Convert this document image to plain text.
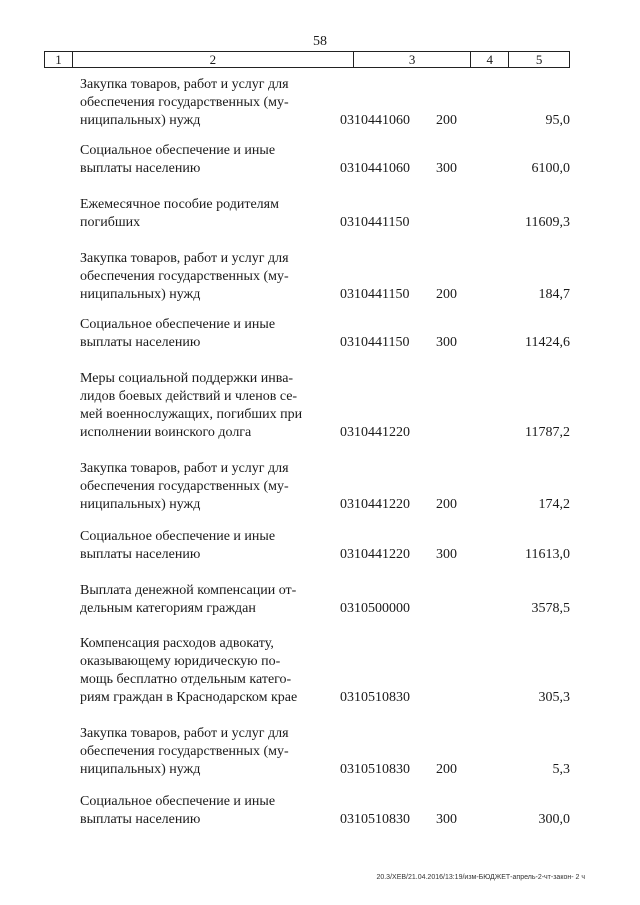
58
1	2	3	4	5
Закупка товаров, работ и услуг для
обеспечения государственных (му-
ниципальных) нужд	0310441060	200	95,0
Социальное обеспечение и иные
выплаты населению	0310441060	300	6100,0
Ежемесячное пособие родителям
погибших	0310441150	11609,3
Закупка товаров, работ и услуг для
обеспечения государственных (му-
ниципальных) нужд	0310441150	200	184,7
Социальное обеспечение и иные
выплаты населению	0310441150	300	11424,6
Меры социальной поддержки инва-
лидов боевых действий и членов се-
мей военнослужащих, погибших при
исполнении воинского долга	0310441220	11787,2
Закупка товаров, работ и услуг для
обеспечения государственных (му-
ниципальных) нужд	0310441220	200	174,2
Социальное обеспечение и иные
выплаты населению	0310441220	300	11613,0
Выплата денежной компенсации от-
дельным категориям граждан	0310500000	3578,5
Компенсация расходов адвокату,
оказывающему юридическую по-
мощь бесплатно отдельным катего-
риям граждан в Краснодарском крае	0310510830	305,3
Закупка товаров, работ и услуг для
обеспечения государственных (му-
ниципальных) нужд	0310510830	200	5,3
Социальное обеспечение и иные
выплаты населению	0310510830	300	300,0
20.3/XEB/21.04.2016/13:19/изм-БЮДЖЕТ-апрель-2-чт-закон- 2 ч
